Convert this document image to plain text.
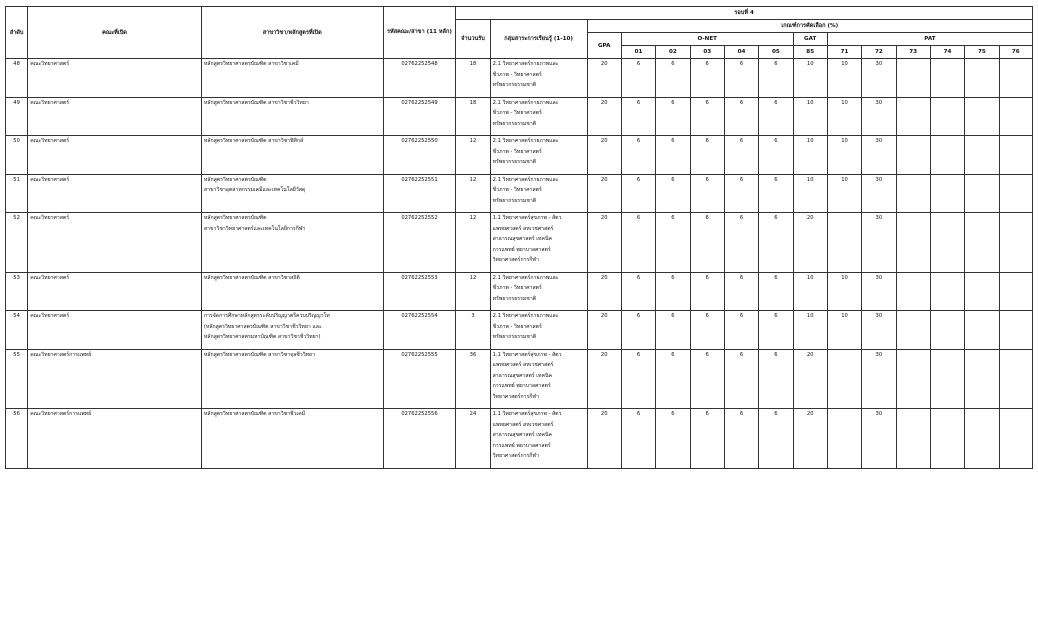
ลำดับ	คณะที่เปิด	สาขาวิชา/หลักสูตรที่เปิด	รหัสคณะ/สาขา (11 หลัก)	รอบที่ 4														
				จำนวนรับ	กลุ่มสาระการเรียนรู้ (1-10)	เกณฑ์การคัดเลือก (%)												
						GPA	O-NET					GAT	PAT					
							01	02	03	04	05	85	71	72	73	74	75	76
48	คณะวิทยาศาสตร์	หลักสูตรวิทยาศาสตรบัณฑิต สาขาวิชาเคมี	02762252548	18	2.1 วิทยาศาสตร์กายภาพและ
ชีวภาพ - วิทยาศาสตร์
ทรัพยากรธรรมชาติ	20	6	6	6	6	6	10	10	30				
49	คณะวิทยาศาสตร์	หลักสูตรวิทยาศาสตรบัณฑิต สาขาวิชาชีววิทยา	02762252549	18	2.1 วิทยาศาสตร์กายภาพและ
ชีวภาพ - วิทยาศาสตร์
ทรัพยากรธรรมชาติ	20	6	6	6	6	6	10	10	30				
50	คณะวิทยาศาสตร์	หลักสูตรวิทยาศาสตรบัณฑิต สาขาวิชาฟิสิกส์	02762252550	12	2.1 วิทยาศาสตร์กายภาพและ
ชีวภาพ - วิทยาศาสตร์
ทรัพยากรธรรมชาติ	20	6	6	6	6	6	10	10	30				
51	คณะวิทยาศาสตร์	หลักสูตรวิทยาศาสตรบัณฑิต
สาขาวิชาอุตสาหกรรมเคมีและเทคโนโลยีวัสดุ	02762252551	12	2.1 วิทยาศาสตร์กายภาพและ
ชีวภาพ - วิทยาศาสตร์
ทรัพยากรธรรมชาติ	20	6	6	6	6	6	10	10	30				
52	คณะวิทยาศาสตร์	หลักสูตรวิทยาศาสตรบัณฑิต
สาขาวิชาวิทยาศาสตร์และเทคโนโลยีการกีฬา	02762252552	12	1.1 วิทยาศาสตร์สุขภาพ - สัตว
แพทยศาสตร์ สหเวชศาสตร์
สาธารณสุขศาสตร์ เทคนิค
การแพทย์ พยาบาลศาสตร์
วิทยาศาสตร์การกีฬา	20	6	6	6	6	6	20		30				
53	คณะวิทยาศาสตร์	หลักสูตรวิทยาศาสตรบัณฑิต สาขาวิชาสถิติ	02762252553	12	2.1 วิทยาศาสตร์กายภาพและ
ชีวภาพ - วิทยาศาสตร์
ทรัพยากรธรรมชาติ	20	6	6	6	6	6	10	10	30				
54	คณะวิทยาศาสตร์	การจัดการศึกษาหลักสูตรระดับปริญญาตรีควบปริญญาโท
(หลักสูตรวิทยาศาสตรบัณฑิต สาขาวิชาชีววิทยา และ
หลักสูตรวิทยาศาสตรมหาบัณฑิต สาขาวิชาชีววิทยา)	02762252554	3	2.1 วิทยาศาสตร์กายภาพและ
ชีวภาพ - วิทยาศาสตร์
ทรัพยากรธรรมชาติ	20	6	6	6	6	6	10	10	30				
55	คณะวิทยาศาสตร์การแพทย์	หลักสูตรวิทยาศาสตรบัณฑิต สาขาวิชาจุลชีววิทยา	02762252555	36	1.1 วิทยาศาสตร์สุขภาพ - สัตว
แพทยศาสตร์ สหเวชศาสตร์
สาธารณสุขศาสตร์ เทคนิค
การแพทย์ พยาบาลศาสตร์
วิทยาศาสตร์การกีฬา	20	6	6	6	6	6	20		30				
56	คณะวิทยาศาสตร์การแพทย์	หลักสูตรวิทยาศาสตรบัณฑิต สาขาวิชาชีวเคมี	02762252556	24	1.1 วิทยาศาสตร์สุขภาพ - สัตว
แพทยศาสตร์ สหเวชศาสตร์
สาธารณสุขศาสตร์ เทคนิค
การแพทย์ พยาบาลศาสตร์
วิทยาศาสตร์การกีฬา	20	6	6	6	6	6	20		30				
